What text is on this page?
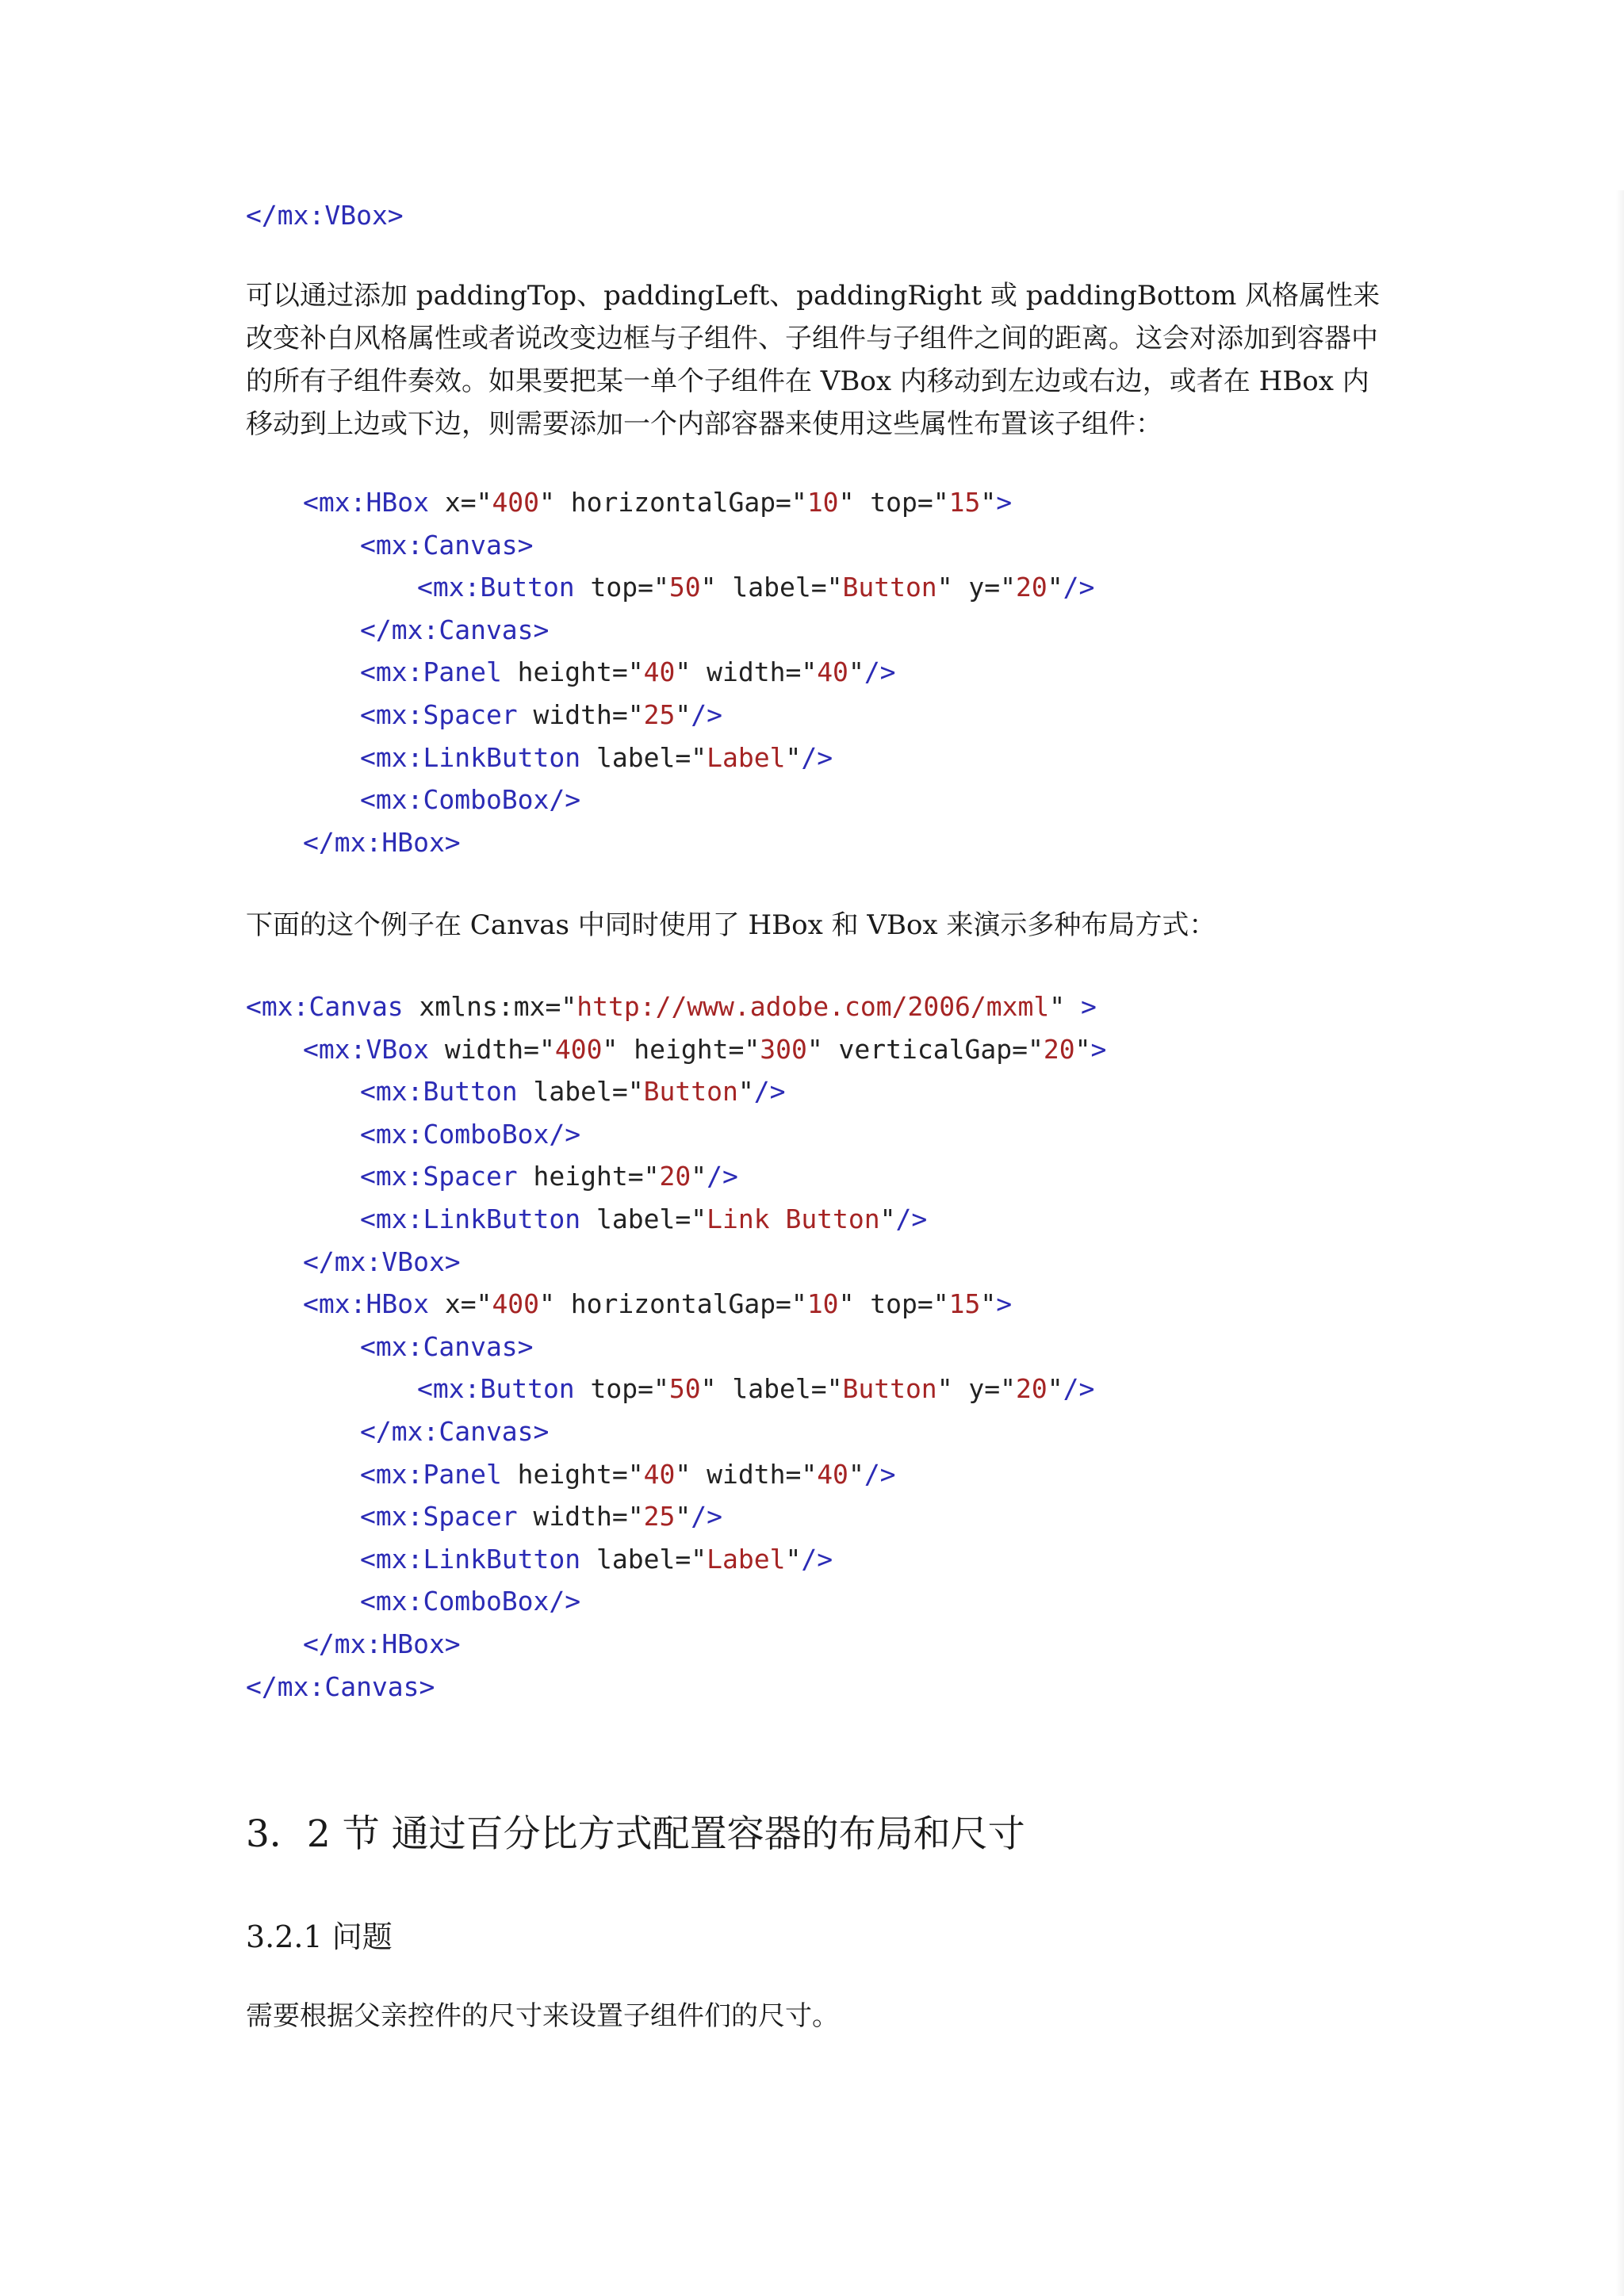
</mx:VBox>

可以通过添加 paddingTop、paddingLeft、paddingRight 或 paddingBottom 风格属性来改变补白风格属性或者说改变边框与子组件、子组件与子组件之间的距离。这会对添加到容器中的所有子组件奏效。如果要把某一单个子组件在 VBox 内移动到左边或右边，或者在 HBox 内移动到上边或下边，则需要添加一个内部容器来使用这些属性布置该子组件：

<mx:HBox x="400" horizontalGap="10" top="15">
<mx:Canvas>
<mx:Button top="50" label="Button" y="20"/>
</mx:Canvas>
<mx:Panel height="40" width="40"/>
<mx:Spacer width="25"/>
<mx:LinkButton label="Label"/>
<mx:ComboBox/>
</mx:HBox>

下面的这个例子在 Canvas 中同时使用了 HBox 和 VBox 来演示多种布局方式：

<mx:Canvas xmlns:mx="http://www.adobe.com/2006/mxml" >
<mx:VBox width="400" height="300" verticalGap="20">
<mx:Button label="Button"/>
<mx:ComboBox/>
<mx:Spacer height="20"/>
<mx:LinkButton label="Link Button"/>
</mx:VBox>
<mx:HBox x="400" horizontalGap="10" top="15">
<mx:Canvas>
<mx:Button top="50" label="Button" y="20"/>
</mx:Canvas>
<mx:Panel height="40" width="40"/>
<mx:Spacer width="25"/>
<mx:LinkButton label="Label"/>
<mx:ComboBox/>
</mx:HBox>
</mx:Canvas>
3．2 节 通过百分比方式配置容器的布局和尺寸
3.2.1 问题

需要根据父亲控件的尺寸来设置子组件们的尺寸。
